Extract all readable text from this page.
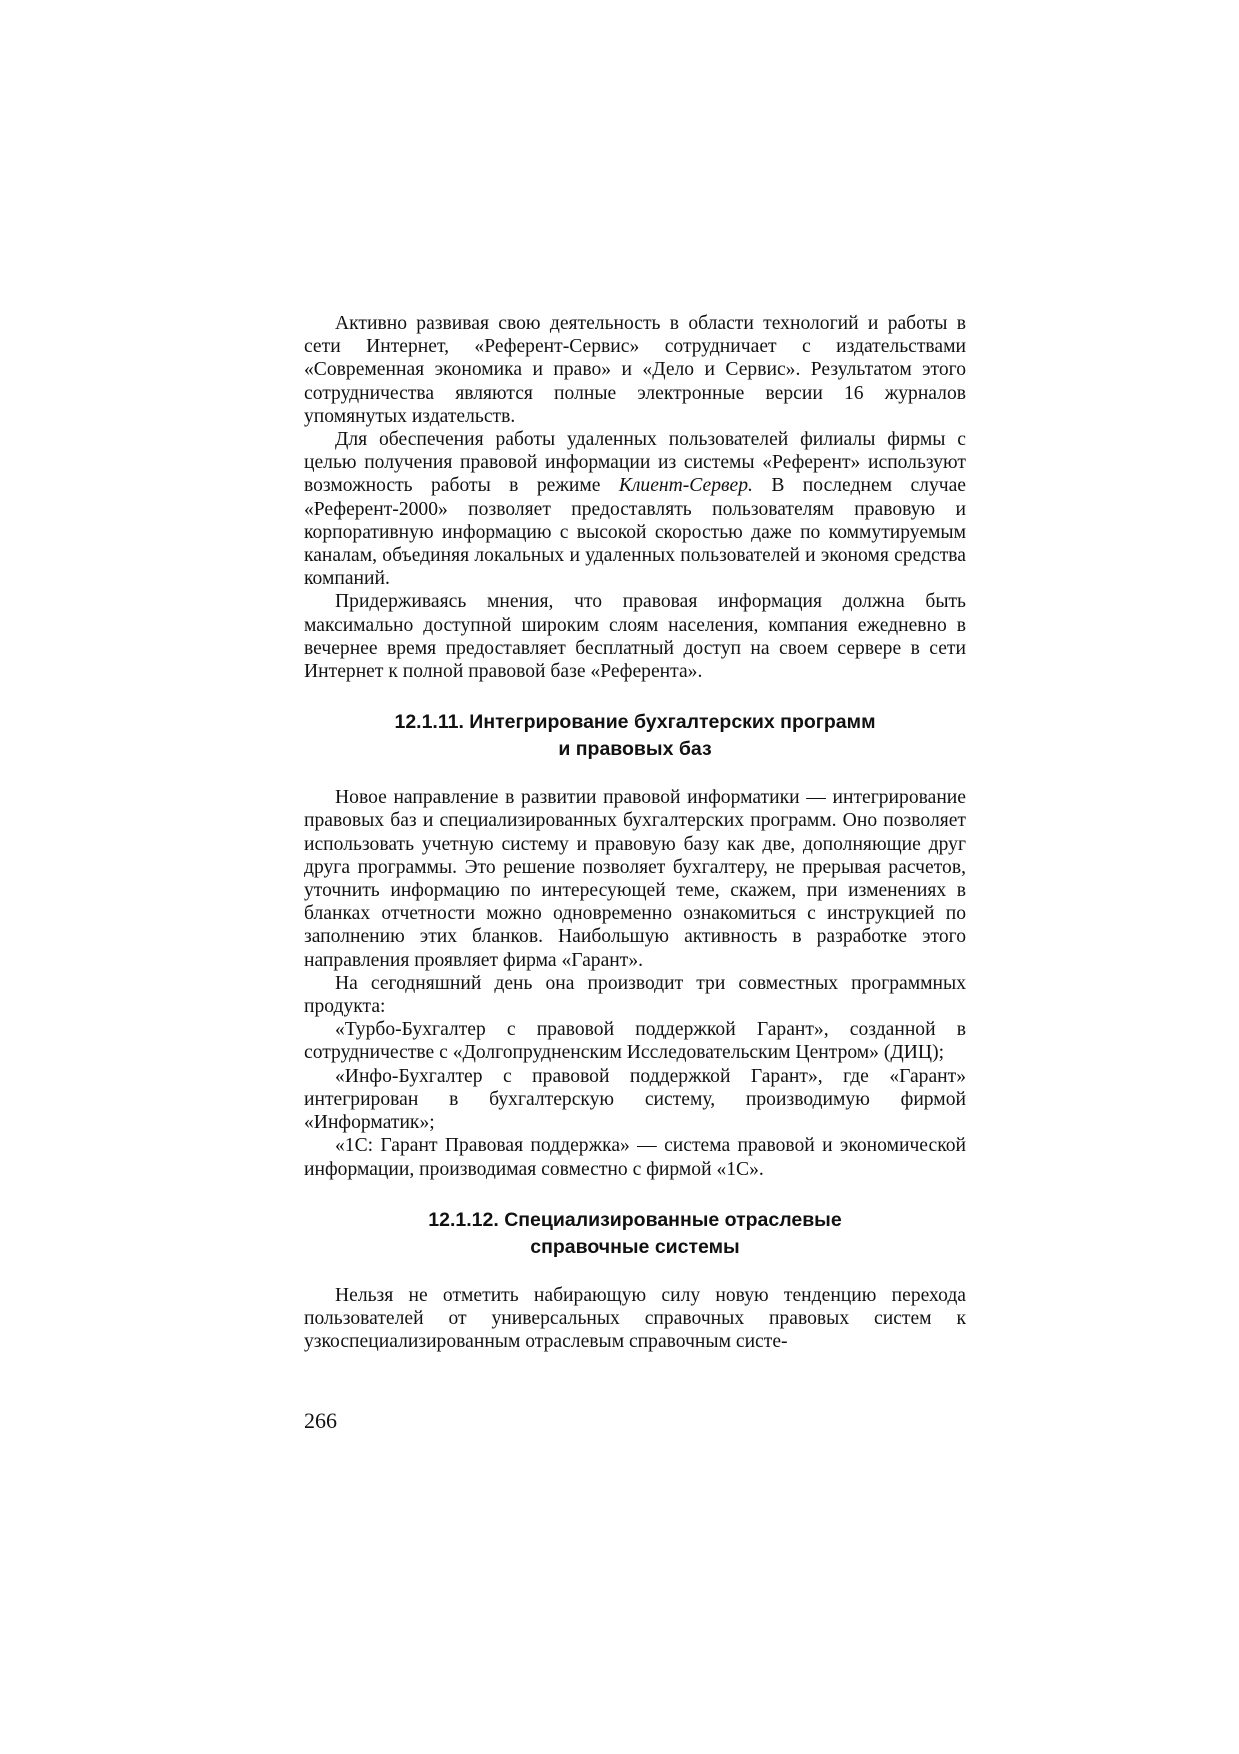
Активно развивая свою деятельность в области технологий и работы в сети Интернет, «Референт-Сервис» сотрудничает с издательствами «Современная экономика и право» и «Дело и Сервис». Результатом этого сотрудничества являются полные электронные версии 16 журналов упомянутых издательств.

Для обеспечения работы удаленных пользователей филиалы фирмы с целью получения правовой информации из системы «Референт» используют возможность работы в режиме Клиент-Сервер. В последнем случае «Референт-2000» позволяет предоставлять пользователям правовую и корпоративную информацию с высокой скоростью даже по коммутируемым каналам, объединяя локальных и удаленных пользователей и экономя средства компаний.

Придерживаясь мнения, что правовая информация должна быть максимально доступной широким слоям населения, компания ежедневно в вечернее время предоставляет бесплатный доступ на своем сервере в сети Интернет к полной правовой базе «Референта».

12.1.11. Интегрирование бухгалтерских программ
и правовых баз

Новое направление в развитии правовой информатики — интегрирование правовых баз и специализированных бухгалтерских программ. Оно позволяет использовать учетную систему и правовую базу как две, дополняющие друг друга программы. Это решение позволяет бухгалтеру, не прерывая расчетов, уточнить информацию по интересующей теме, скажем, при изменениях в бланках отчетности можно одновременно ознакомиться с инструкцией по заполнению этих бланков. Наибольшую активность в разработке этого направления проявляет фирма «Гарант».

На сегодняшний день она производит три совместных программных продукта:

«Турбо-Бухгалтер с правовой поддержкой Гарант», созданной в сотрудничестве с «Долгопрудненским Исследовательским Центром» (ДИЦ);

«Инфо-Бухгалтер с правовой поддержкой Гарант», где «Гарант» интегрирован в бухгалтерскую систему, производимую фирмой «Информатик»;

«1С: Гарант Правовая поддержка» — система правовой и экономической информации, производимая совместно с фирмой «1С».

12.1.12. Специализированные отраслевые
справочные системы

Нельзя не отметить набирающую силу новую тенденцию перехода пользователей от универсальных справочных правовых систем к узкоспециализированным отраслевым справочным систе-

266
